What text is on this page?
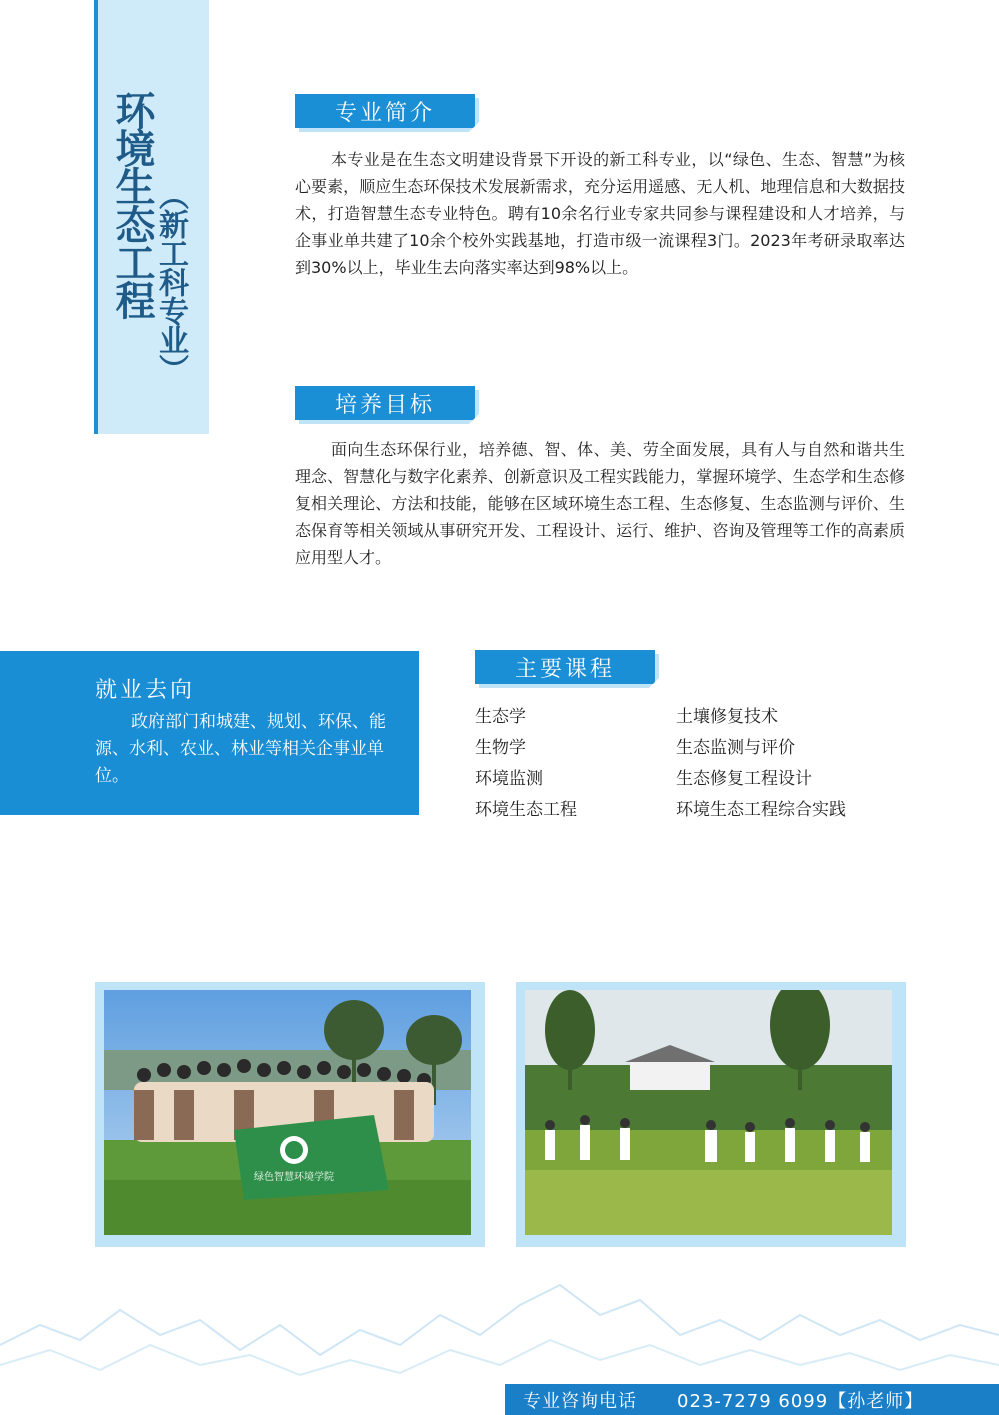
环境生态工程
（新工科专业）
专业简介
本专业是在生态文明建设背景下开设的新工科专业，以“绿色、生态、智慧”为核心要素，顺应生态环保技术发展新需求，充分运用遥感、无人机、地理信息和大数据技术，打造智慧生态专业特色。聘有10余名行业专家共同参与课程建设和人才培养，与企事业单共建了10余个校外实践基地，打造市级一流课程3门。2023年考研录取率达到30%以上，毕业生去向落实率达到98%以上。
培养目标
面向生态环保行业，培养德、智、体、美、劳全面发展，具有人与自然和谐共生理念、智慧化与数字化素养、创新意识及工程实践能力，掌握环境学、生态学和生态修复相关理论、方法和技能，能够在区域环境生态工程、生态修复、生态监测与评价、生态保育等相关领域从事研究开发、工程设计、运行、维护、咨询及管理等工作的高素质应用型人才。
就业去向
政府部门和城建、规划、环保、能源、水利、农业、林业等相关企事业单位。
主要课程
生态学
生物学
环境监测
环境生态工程
土壤修复技术
生态监测与评价
生态修复工程设计
环境生态工程综合实践
绿色智慧环境学院
专业咨询电话 023-7279 6099【孙老师】
